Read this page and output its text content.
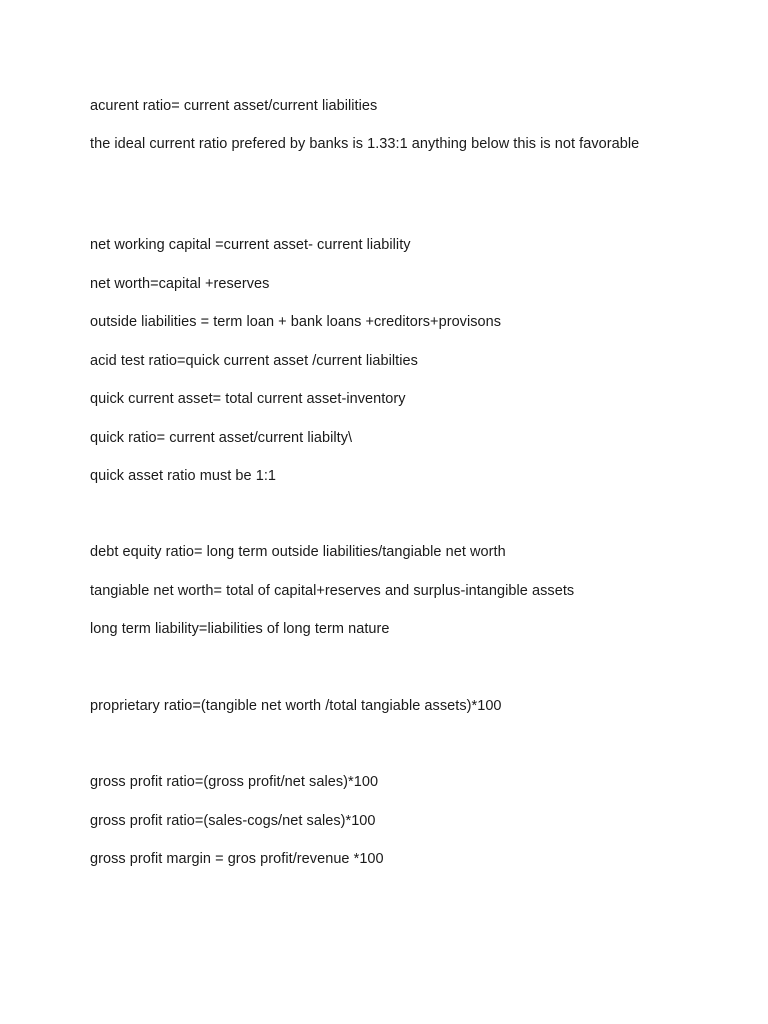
acurent ratio= current asset/current liabilities
the ideal current ratio prefered by banks is 1.33:1 anything below this is not favorable
net working capital =current asset- current liability
net worth=capital +reserves
outside liabilities = term loan + bank loans +creditors+provisons
acid test ratio=quick current asset /current liabilties
quick current asset= total current asset-inventory
quick ratio= current asset/current liabilty\
quick asset ratio must be 1:1
debt equity ratio= long term outside liabilities/tangiable net worth
tangiable net worth= total of capital+reserves and surplus-intangible assets
long term liability=liabilities of long term nature
proprietary ratio=(tangible net worth /total tangiable assets)*100
gross profit ratio=(gross profit/net sales)*100
gross profit ratio=(sales-cogs/net sales)*100
gross profit margin = gros profit/revenue *100
